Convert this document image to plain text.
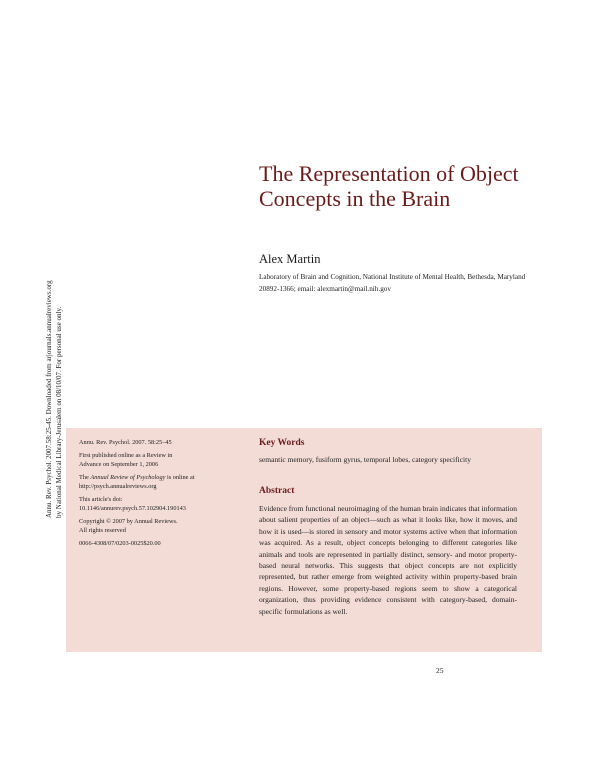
The Representation of Object Concepts in the Brain
Alex Martin
Laboratory of Brain and Cognition, National Institute of Mental Health, Bethesda, Maryland 20892-1366; email: alexmartin@mail.nih.gov
Annu. Rev. Psychol. 2007.58:25-45. Downloaded from arjournals.annualreviews.org by National Medical Library-Jerusalem on 08/10/07. For personal use only.	Annu. Rev. Psychol. 2007. 58:25–45

First published online as a Review in
Advance on September 1, 2006

The Annual Review of Psychology is online at
http://psych.annualreviews.org

This article's doi:
10.1146/annurev.psych.57.102904.190143

Copyright © 2007 by Annual Reviews.
All rights reserved

0066-4308/07/0203-0025$20.00

Key Words
semantic memory, fusiform gyrus, temporal lobes, category specificity
Abstract

Evidence from functional neuroimaging of the human brain indicates that information about salient properties of an object—such as what it looks like, how it moves, and how it is used—is stored in sensory and motor systems active when that information was acquired. As a result, object concepts belonging to different categories like animals and tools are represented in partially distinct, sensory- and motor property-based neural networks. This suggests that object concepts are not explicitly represented, but rather emerge from weighted activity within property-based brain regions. However, some property-based regions seem to show a categorical organization, thus providing evidence consistent with category-based, domain-specific formulations as well.

25
